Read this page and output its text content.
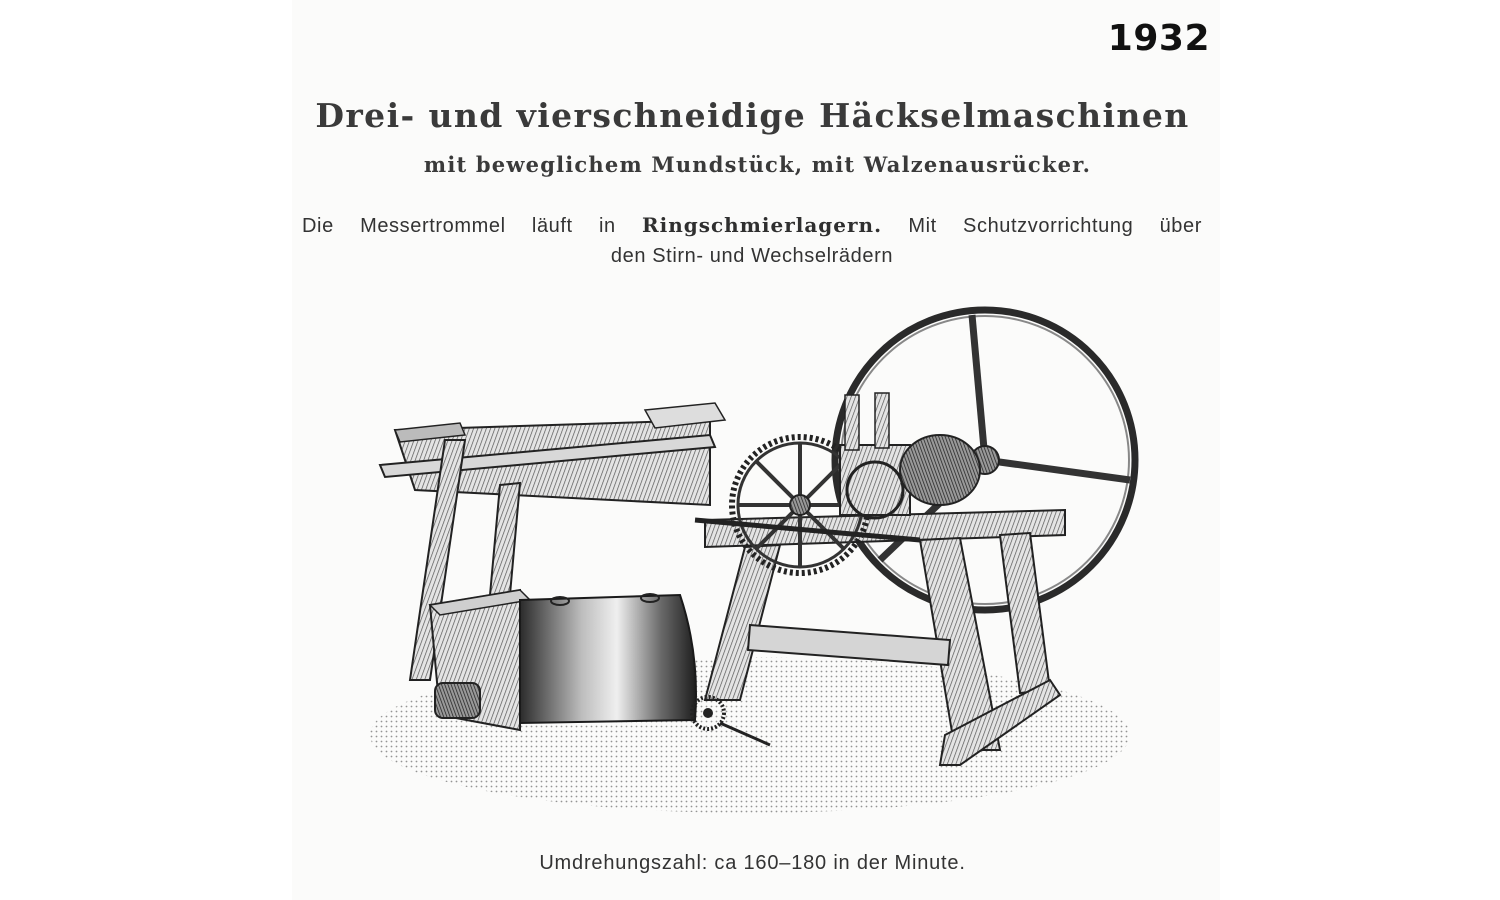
1932
Drei- und vierschneidige Häckselmaschinen
mit beweglichem Mundstück, mit Walzenausrücker.
Die Messertrommel läuft in Ringschmierlagern. Mit Schutzvorrichtung über
den Stirn- und Wechselrädern
Umdrehungszahl: ca 160–180 in der Minute.
